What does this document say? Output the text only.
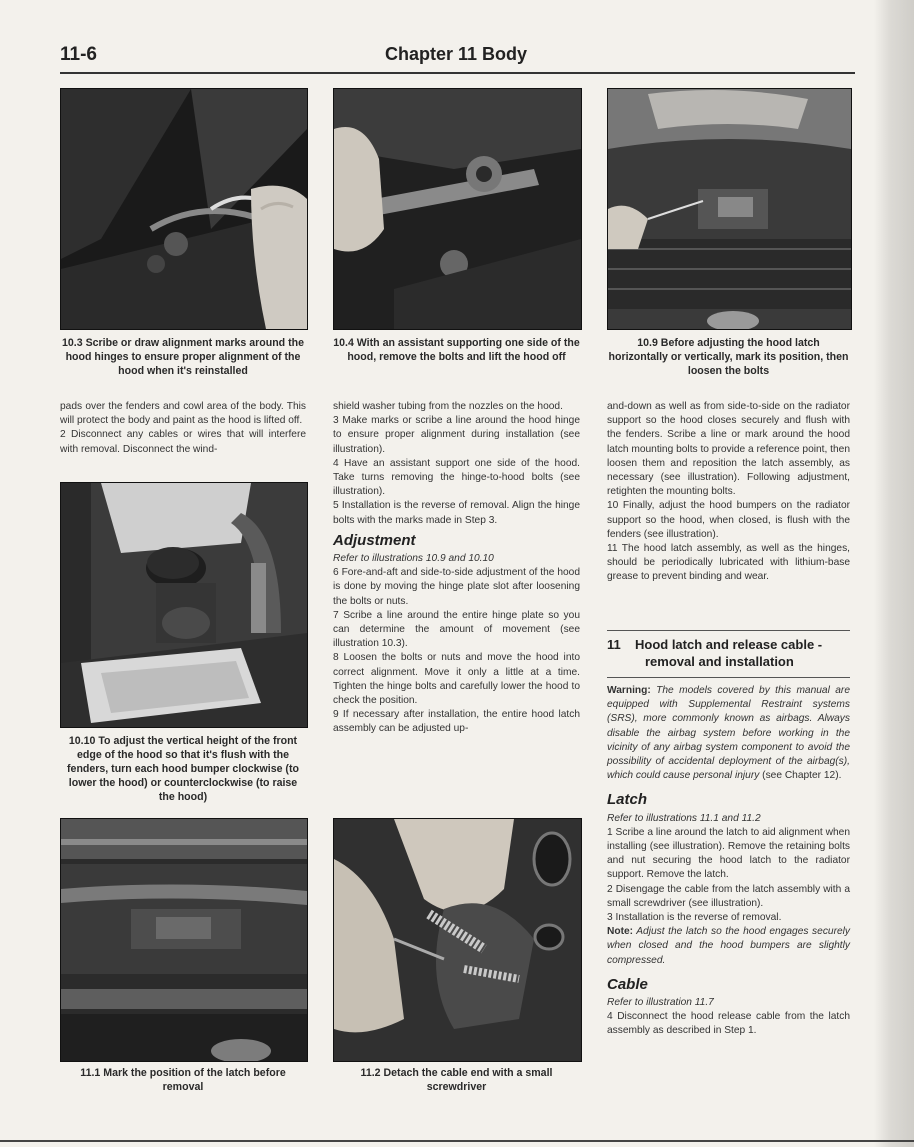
11-6	Chapter 11 Body
10.3 Scribe or draw alignment marks around the hood hinges to ensure proper alignment of the hood when it's reinstalled
10.4 With an assistant supporting one side of the hood, remove the bolts and lift the hood off
10.9 Before adjusting the hood latch horizontally or vertically, mark its position, then loosen the bolts

pads over the fenders and cowl area of the body. This will protect the body and paint as the hood is lifted off.

2 Disconnect any cables or wires that will interfere with removal. Disconnect the wind-

10.10 To adjust the vertical height of the front edge of the hood so that it's flush with the fenders, turn each hood bumper clockwise (to lower the hood) or counterclockwise (to raise the hood)

shield washer tubing from the nozzles on the hood.

3 Make marks or scribe a line around the hood hinge to ensure proper alignment during installation (see illustration).

4 Have an assistant support one side of the hood. Take turns removing the hinge-to-hood bolts (see illustration).

5 Installation is the reverse of removal. Align the hinge bolts with the marks made in Step 3.

Adjustment

Refer to illustrations 10.9 and 10.10

6 Fore-and-aft and side-to-side adjustment of the hood is done by moving the hinge plate slot after loosening the bolts or nuts.

7 Scribe a line around the entire hinge plate so you can determine the amount of movement (see illustration 10.3).

8 Loosen the bolts or nuts and move the hood into correct alignment. Move it only a little at a time. Tighten the hinge bolts and carefully lower the hood to check the position.

9 If necessary after installation, the entire hood latch assembly can be adjusted up-

and-down as well as from side-to-side on the radiator support so the hood closes securely and flush with the fenders. Scribe a line or mark around the hood latch mounting bolts to provide a reference point, then loosen them and reposition the latch assembly, as necessary (see illustration). Following adjustment, retighten the mounting bolts.

10 Finally, adjust the hood bumpers on the radiator support so the hood, when closed, is flush with the fenders (see illustration).

11 The hood latch assembly, as well as the hinges, should be periodically lubricated with lithium-base grease to prevent binding and wear.

11 Hood latch and release cable -
removal and installation

Warning: The models covered by this manual are equipped with Supplemental Restraint systems (SRS), more commonly known as airbags. Always disable the airbag system before working in the vicinity of any airbag system component to avoid the possibility of accidental deployment of the airbag(s), which could cause personal injury (see Chapter 12).

Latch

Refer to illustrations 11.1 and 11.2

1 Scribe a line around the latch to aid alignment when installing (see illustration). Remove the retaining bolts and nut securing the hood latch to the radiator support. Remove the latch.

2 Disengage the cable from the latch assembly with a small screwdriver (see illustration).

3 Installation is the reverse of removal.

Note: Adjust the latch so the hood engages securely when closed and the hood bumpers are slightly compressed.

Cable

Refer to illustration 11.7

4 Disconnect the hood release cable from the latch assembly as described in Step 1.

11.1 Mark the position of the latch before removal
11.2 Detach the cable end with a small screwdriver
